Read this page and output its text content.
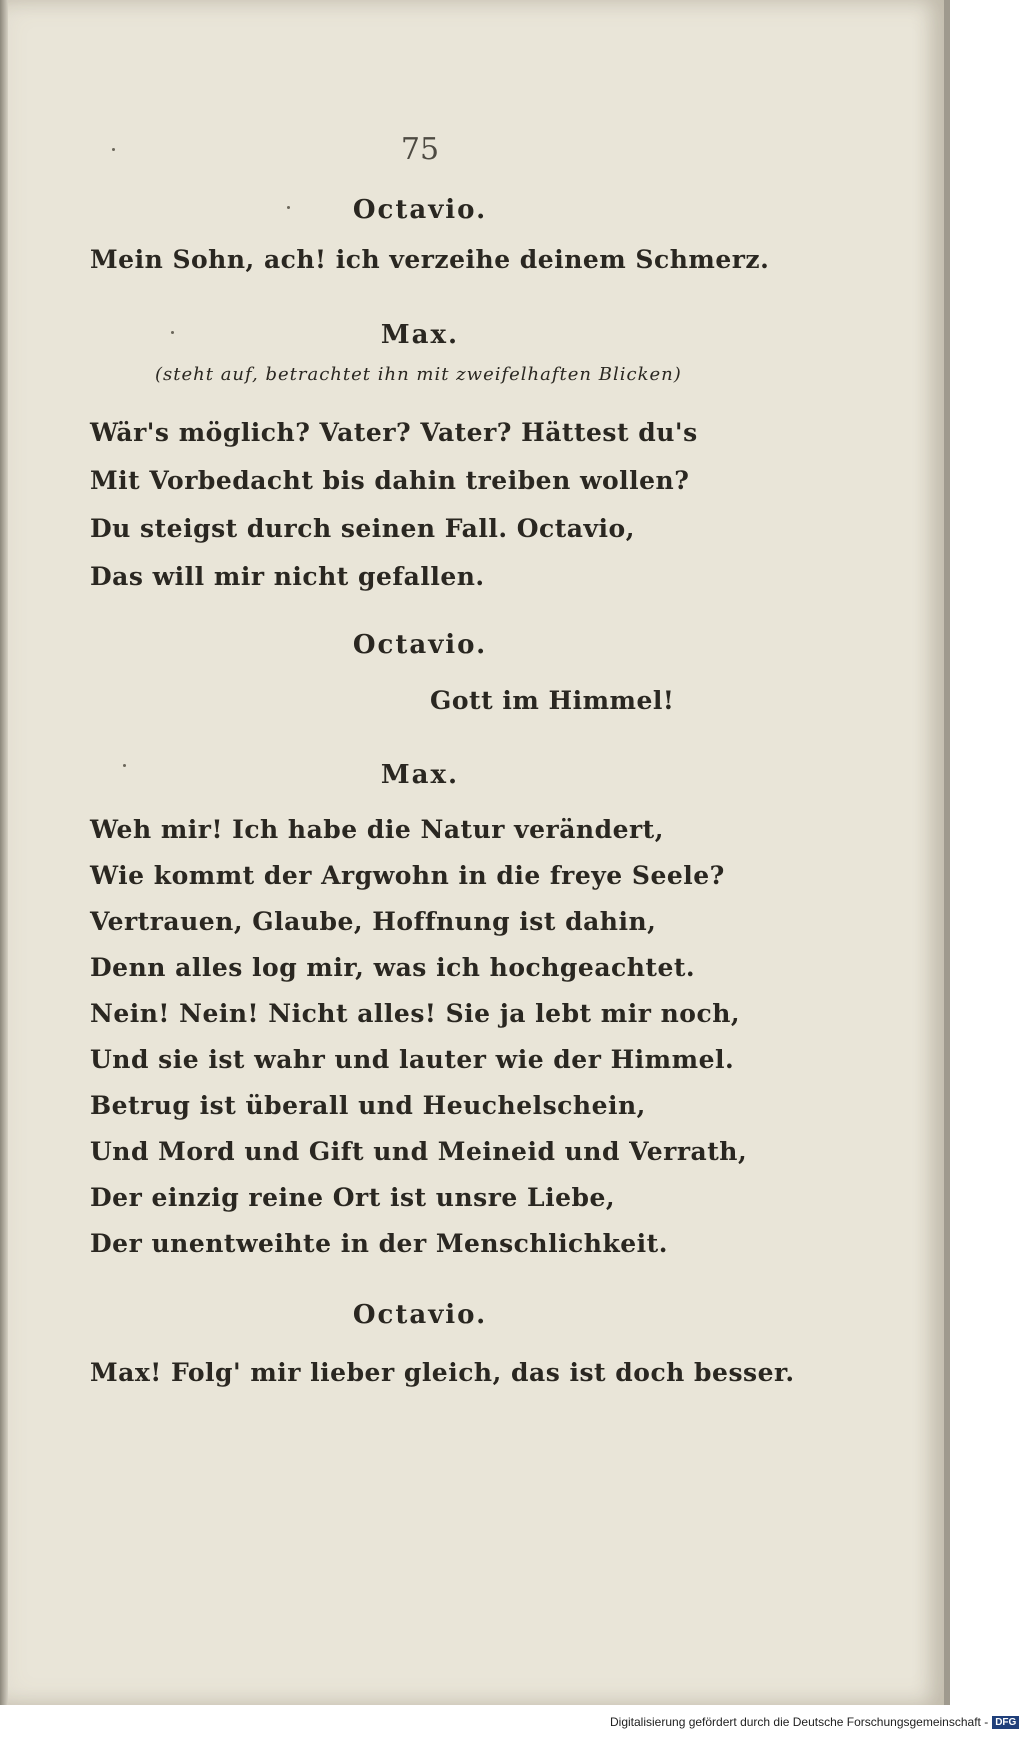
75
Octavio.
Mein Sohn, ach! ich verzeihe deinem Schmerz.
Max.
(steht auf, betrachtet ihn mit zweifelhaften Blicken)
Wär's möglich? Vater? Vater? Hättest du's
Mit Vorbedacht bis dahin treiben wollen?
Du steigst durch seinen Fall. Octavio,
Das will mir nicht gefallen.
Octavio.
Gott im Himmel!
Max.
Weh mir! Ich habe die Natur verändert,
Wie kommt der Argwohn in die freye Seele?
Vertrauen, Glaube, Hoffnung ist dahin,
Denn alles log mir, was ich hochgeachtet.
Nein! Nein! Nicht alles! Sie ja lebt mir noch,
Und sie ist wahr und lauter wie der Himmel.
Betrug ist überall und Heuchelschein,
Und Mord und Gift und Meineid und Verrath,
Der einzig reine Ort ist unsre Liebe,
Der unentweihte in der Menschlichkeit.
Octavio.
Max! Folg' mir lieber gleich, das ist doch besser.
Digitalisierung gefördert durch die Deutsche Forschungsgemeinschaft - DFG
